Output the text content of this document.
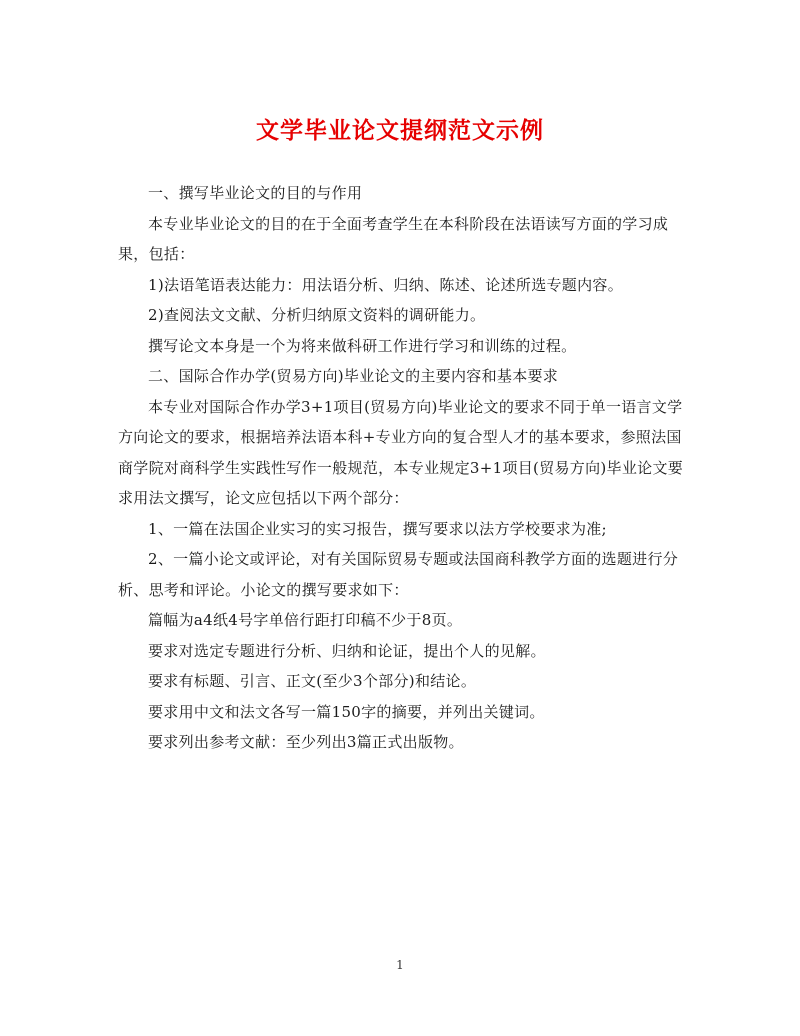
文学毕业论文提纲范文示例

一、撰写毕业论文的目的与作用

本专业毕业论文的目的在于全面考查学生在本科阶段在法语读写方面的学习成果，包括：

1)法语笔语表达能力：用法语分析、归纳、陈述、论述所选专题内容。

2)查阅法文文献、分析归纳原文资料的调研能力。

撰写论文本身是一个为将来做科研工作进行学习和训练的过程。

二、国际合作办学(贸易方向)毕业论文的主要内容和基本要求

本专业对国际合作办学3+1项目(贸易方向)毕业论文的要求不同于单一语言文学方向论文的要求，根据培养法语本科+专业方向的复合型人才的基本要求，参照法国商学院对商科学生实践性写作一般规范，本专业规定3+1项目(贸易方向)毕业论文要求用法文撰写，论文应包括以下两个部分：

1、一篇在法国企业实习的实习报告，撰写要求以法方学校要求为准;

2、一篇小论文或评论，对有关国际贸易专题或法国商科教学方面的选题进行分析、思考和评论。小论文的撰写要求如下：

篇幅为a4纸4号字单倍行距打印稿不少于8页。

要求对选定专题进行分析、归纳和论证，提出个人的见解。

要求有标题、引言、正文(至少3个部分)和结论。

要求用中文和法文各写一篇150字的摘要，并列出关键词。

要求列出参考文献：至少列出3篇正式出版物。

1
